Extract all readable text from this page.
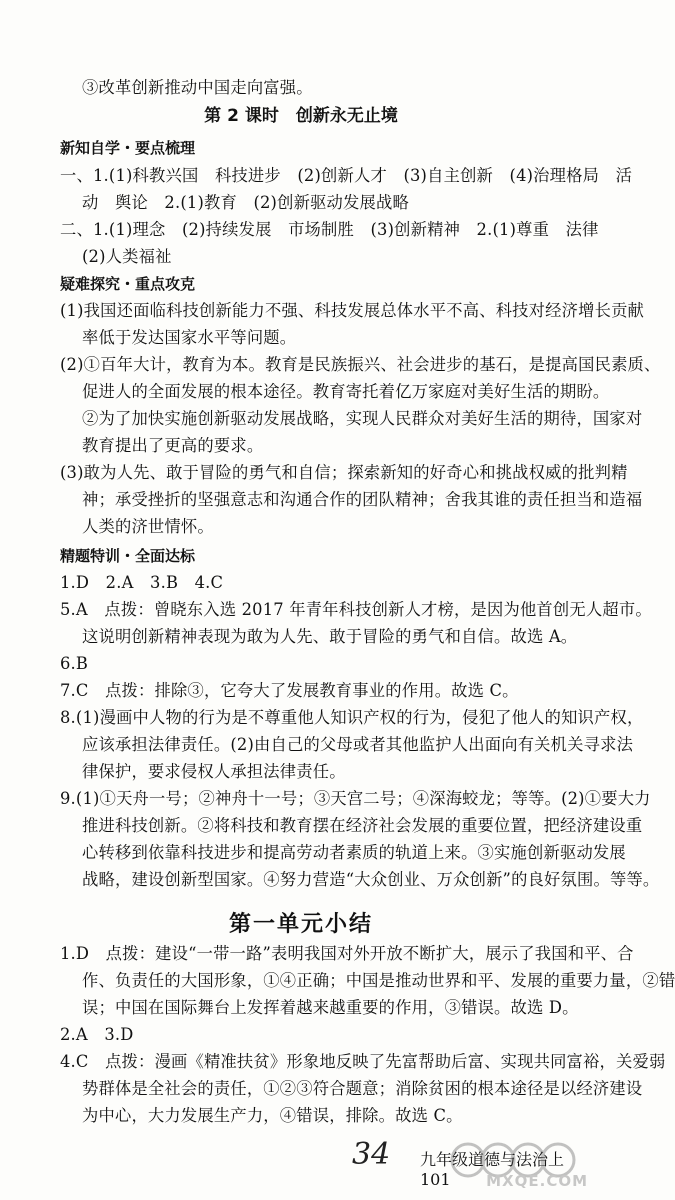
③改革创新推动中国走向富强。
第 2 课时　创新永无止境
新知自学・要点梳理
一、1.(1)科教兴国　科技进步　(2)创新人才　(3)自主创新　(4)治理格局　活
动　舆论　2.(1)教育　(2)创新驱动发展战略
二、1.(1)理念　(2)持续发展　市场制胜　(3)创新精神　2.(1)尊重　法律
(2)人类福祉
疑难探究・重点攻克
(1)我国还面临科技创新能力不强、科技发展总体水平不高、科技对经济增长贡献
率低于发达国家水平等问题。
(2)①百年大计，教育为本。教育是民族振兴、社会进步的基石，是提高国民素质、
促进人的全面发展的根本途径。教育寄托着亿万家庭对美好生活的期盼。
②为了加快实施创新驱动发展战略，实现人民群众对美好生活的期待，国家对
教育提出了更高的要求。
(3)敢为人先、敢于冒险的勇气和自信；探索新知的好奇心和挑战权威的批判精
神；承受挫折的坚强意志和沟通合作的团队精神；舍我其谁的责任担当和造福
人类的济世情怀。
精题特训・全面达标
1.D　2.A　3.B　4.C
5.A　点拨：曾晓东入选 2017 年青年科技创新人才榜，是因为他首创无人超市。
这说明创新精神表现为敢为人先、敢于冒险的勇气和自信。故选 A。
6.B
7.C　点拨：排除③，它夸大了发展教育事业的作用。故选 C。
8.(1)漫画中人物的行为是不尊重他人知识产权的行为，侵犯了他人的知识产权，
应该承担法律责任。(2)由自己的父母或者其他监护人出面向有关机关寻求法
律保护，要求侵权人承担法律责任。
9.(1)①天舟一号；②神舟十一号；③天宫二号；④深海蛟龙；等等。(2)①要大力
推进科技创新。②将科技和教育摆在经济社会发展的重要位置，把经济建设重
心转移到依靠科技进步和提高劳动者素质的轨道上来。③实施创新驱动发展
战略，建设创新型国家。④努力营造“大众创业、万众创新”的良好氛围。等等。
第一单元小结
1.D　点拨：建设“一带一路”表明我国对外开放不断扩大，展示了我国和平、合
作、负责任的大国形象，①④正确；中国是推动世界和平、发展的重要力量，②错
误；中国在国际舞台上发挥着越来越重要的作用，③错误。故选 D。
2.A　3.D
4.C　点拨：漫画《精准扶贫》形象地反映了先富帮助后富、实现共同富裕，关爱弱
势群体是全社会的责任，①②③符合题意；消除贫困的根本途径是以经济建设
为中心，大力发展生产力，④错误，排除。故选 C。
34 九年级道德与法治上　101	MXQE.COM
